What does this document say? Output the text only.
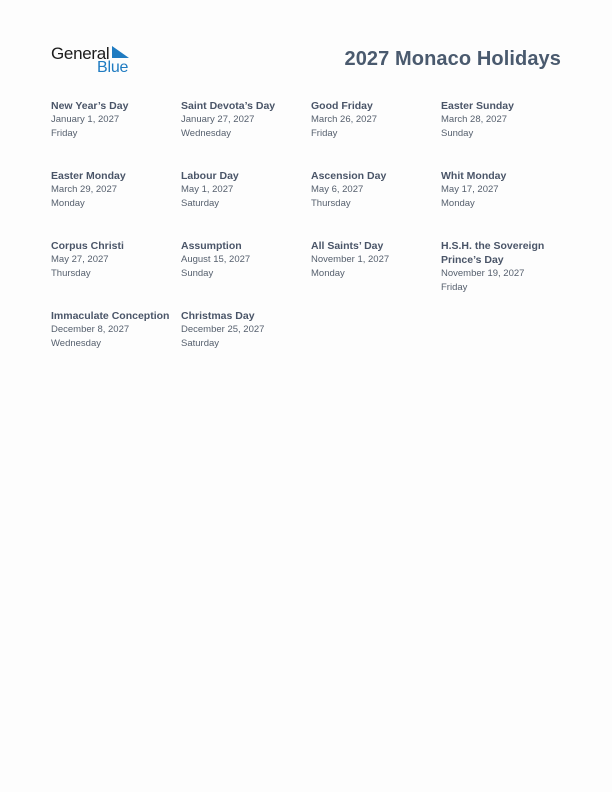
General
Blue	2027 Monaco Holidays
New Year’s Day
January 1, 2027
Friday
Saint Devota’s Day
January 27, 2027
Wednesday
Good Friday
March 26, 2027
Friday
Easter Sunday
March 28, 2027
Sunday
Easter Monday
March 29, 2027
Monday
Labour Day
May 1, 2027
Saturday
Ascension Day
May 6, 2027
Thursday
Whit Monday
May 17, 2027
Monday
Corpus Christi
May 27, 2027
Thursday
Assumption
August 15, 2027
Sunday
All Saints’ Day
November 1, 2027
Monday
H.S.H. the Sovereign Prince’s Day
November 19, 2027
Friday
Immaculate Conception
December 8, 2027
Wednesday
Christmas Day
December 25, 2027
Saturday
